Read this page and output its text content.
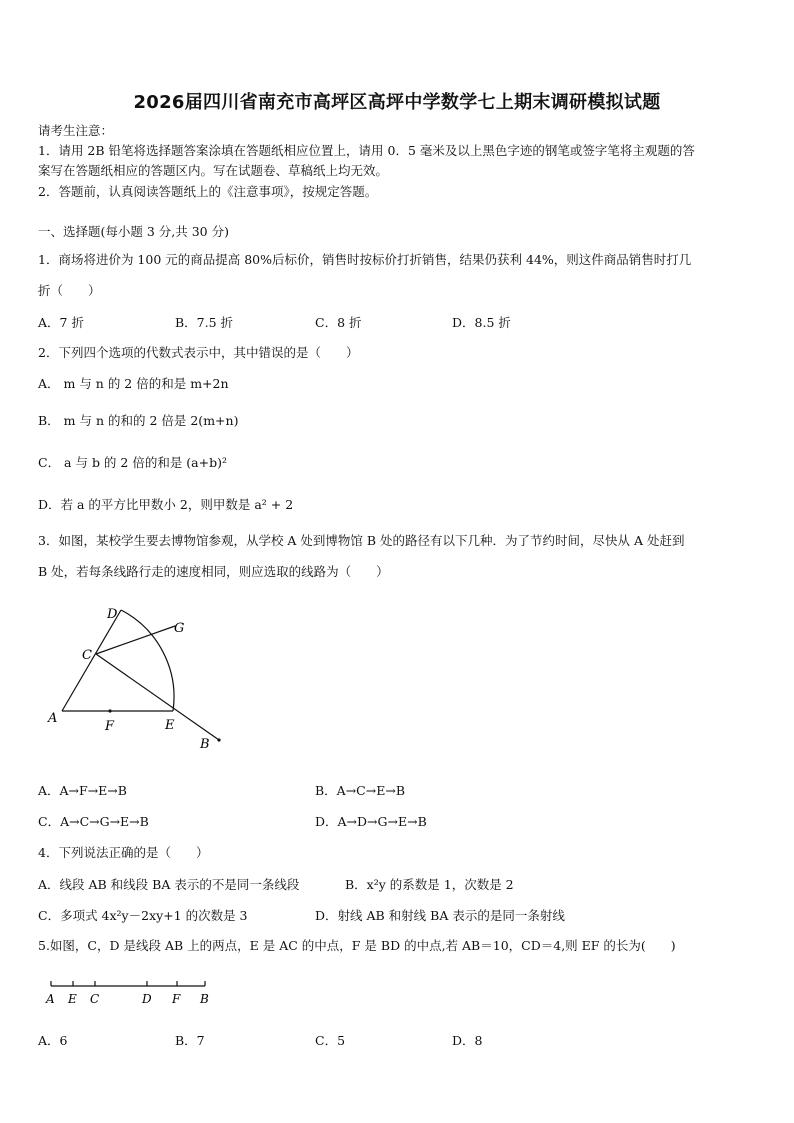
2026届四川省南充市高坪区高坪中学数学七上期末调研模拟试题
请考生注意：
1．请用 2B 铅笔将选择题答案涂填在答题纸相应位置上，请用 0．5 毫米及以上黑色字迹的钢笔或签字笔将主观题的答
案写在答题纸相应的答题区内。写在试题卷、草稿纸上均无效。
2．答题前，认真阅读答题纸上的《注意事项》，按规定答题。
一、选择题(每小题 3 分,共 30 分)
1．商场将进价为 100 元的商品提高 80%后标价，销售时按标价打折销售，结果仍获利 44%，则这件商品销售时打几
折（　　）
A．7 折	B．7.5 折	C．8 折	D．8.5 折
2．下列四个选项的代数式表示中，其中错误的是（　　）
A． m 与 n 的 2 倍的和是 m+2n
B． m 与 n 的和的 2 倍是 2(m+n)
C． a 与 b 的 2 倍的和是 (a+b)²
D．若 a 的平方比甲数小 2，则甲数是 a² + 2
3．如图，某校学生要去博物馆参观，从学校 A 处到博物馆 B 处的路径有以下几种．为了节约时间，尽快从 A 处赶到
B 处，若每条线路行走的速度相同，则应选取的线路为（　　）
D
G
C
A
F	E
B
A．A→F→E→B	B．A→C→E→B
C．A→C→G→E→B	D．A→D→G→E→B
4．下列说法正确的是（　　）
A．线段 AB 和线段 BA 表示的不是同一条线段	B．x²y 的系数是 1，次数是 2
C．多项式 4x²y－2xy+1 的次数是 3	D．射线 AB 和射线 BA 表示的是同一条射线
5.如图，C，D 是线段 AB 上的两点，E 是 AC 的中点，F 是 BD 的中点,若 AB＝10，CD＝4,则 EF 的长为(　　)
A E C	D F B
A．6	B．7	C．5	D．8
